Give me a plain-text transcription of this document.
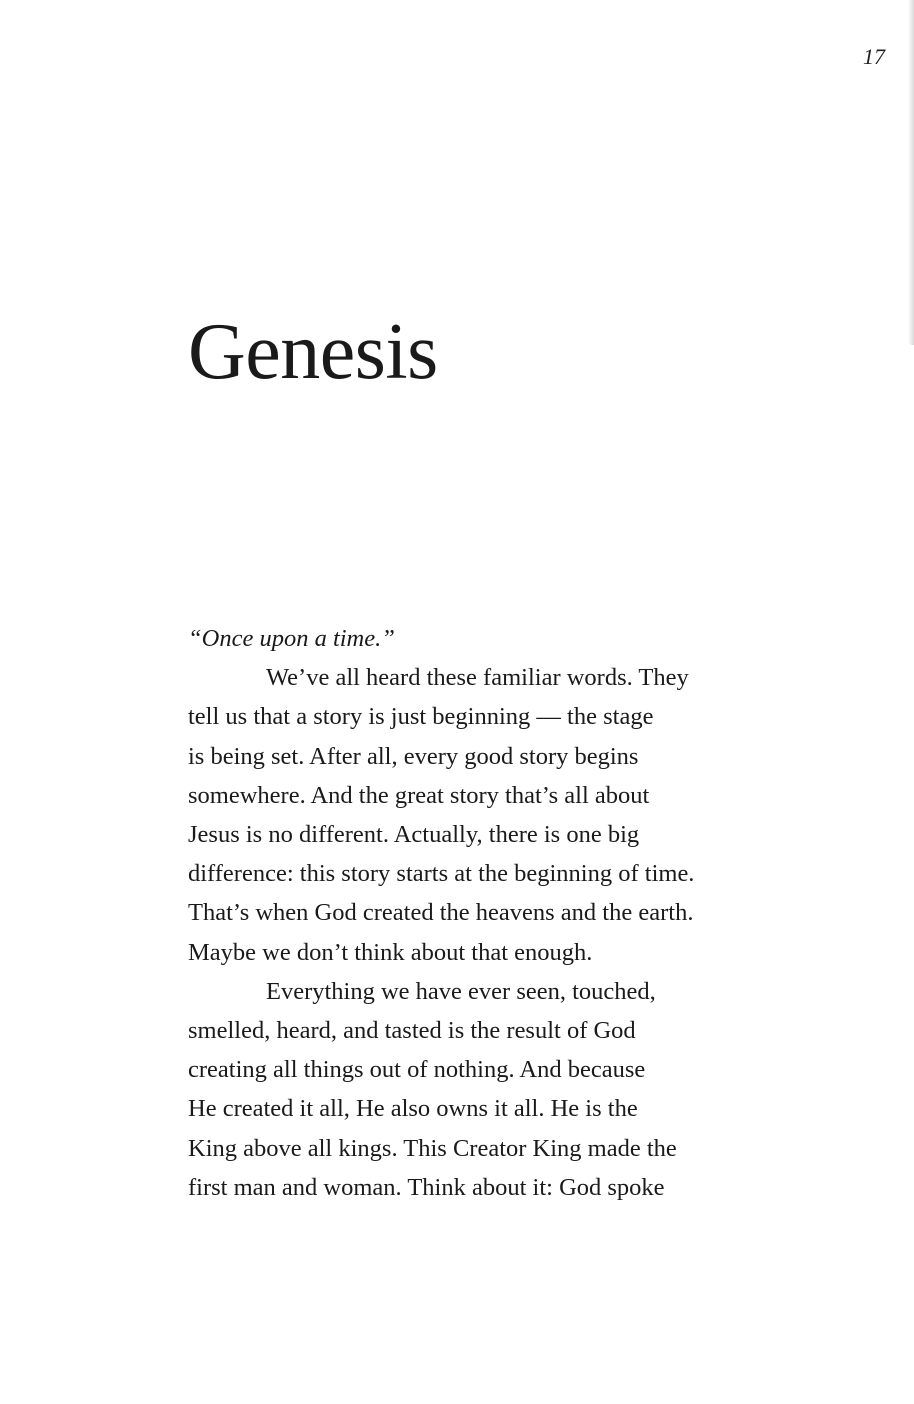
17
Genesis
“Once upon a time.”
We’ve all heard these familiar words. They
tell us that a story is just beginning — the stage
is being set. After all, every good story begins
somewhere. And the great story that’s all about
Jesus is no different. Actually, there is one big
difference: this story starts at the beginning of time.
That’s when God created the heavens and the earth.
Maybe we don’t think about that enough.
Everything we have ever seen, touched,
smelled, heard, and tasted is the result of God
creating all things out of nothing. And because
He created it all, He also owns it all. He is the
King above all kings. This Creator King made the
first man and woman. Think about it: God spoke
